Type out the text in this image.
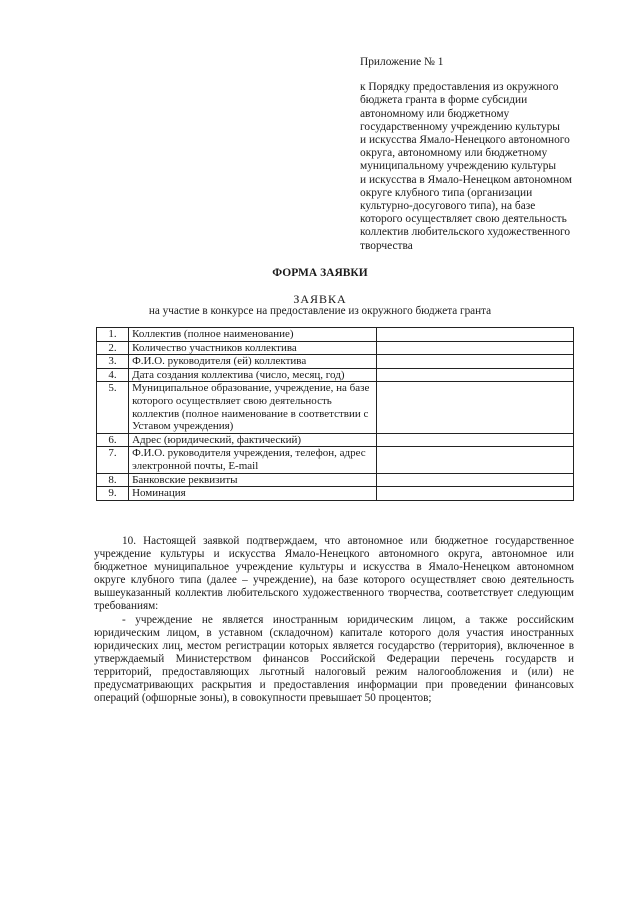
Приложение № 1
к Порядку предоставления из окружного
бюджета гранта в форме субсидии
автономному или бюджетному
государственному учреждению культуры
и искусства Ямало-Ненецкого автономного
округа, автономному или бюджетному
муниципальному учреждению культуры
и искусства в Ямало-Ненецком автономном
округе клубного типа (организации
культурно-досугового типа), на базе
которого осуществляет свою деятельность
коллектив любительского художественного
творчества
ФОРМА ЗАЯВКИ
ЗАЯВКА
на участие в конкурсе на предоставление из окружного бюджета гранта
1.	Коллектив (полное наименование)	
2.	Количество участников коллектива	
3.	Ф.И.О. руководителя (ей) коллектива	
4.	Дата создания коллектива (число, месяц, год)	
5.	Муниципальное образование, учреждение, на базе которого осуществляет свою деятельность коллектив (полное наименование в соответствии с Уставом учреждения)	
6.	Адрес (юридический, фактический)	
7.	Ф.И.О. руководителя учреждения, телефон, адрес электронной почты, E-mail	
8.	Банковские реквизиты	
9.	Номинация	

10. Настоящей заявкой подтверждаем, что автономное или бюджетное государственное учреждение культуры и искусства Ямало-Ненецкого автономного округа, автономное или бюджетное муниципальное учреждение культуры и искусства в Ямало-Ненецком автономном округе клубного типа (далее – учреждение), на базе которого осуществляет свою деятельность вышеуказанный коллектив любительского художественного творчества, соответствует следующим требованиям:

- учреждение не является иностранным юридическим лицом, а также российским юридическим лицом, в уставном (складочном) капитале которого доля участия иностранных юридических лиц, местом регистрации которых является государство (территория), включенное в утверждаемый Министерством финансов Российской Федерации перечень государств и территорий, предоставляющих льготный налоговый режим налогообложения и (или) не предусматривающих раскрытия и предоставления информации при проведении финансовых операций (офшорные зоны), в совокупности превышает 50 процентов;
